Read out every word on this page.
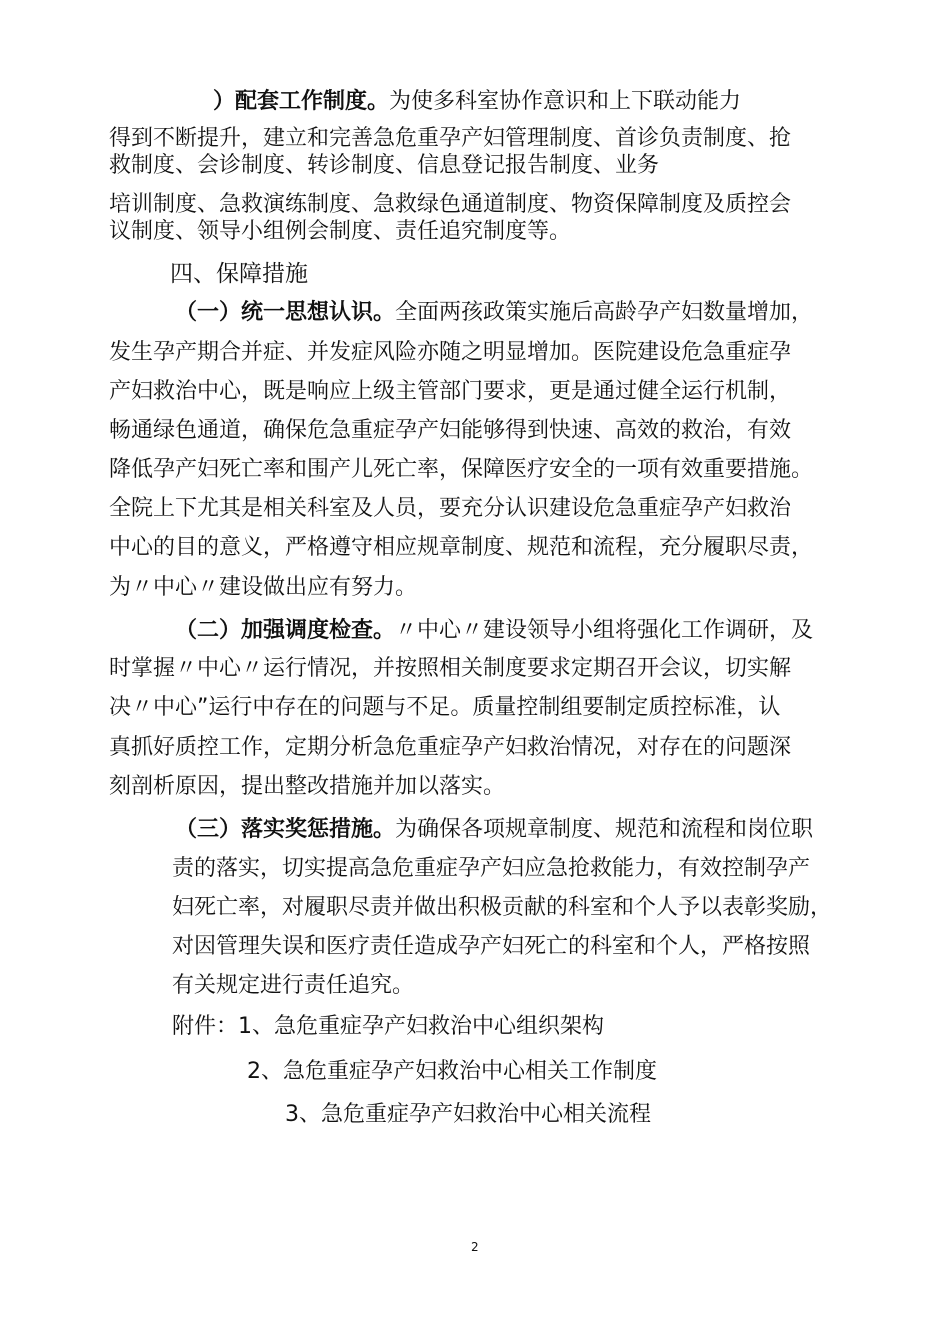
）配套工作制度。为使多科室协作意识和上下联动能力
得到不断提升，建立和完善急危重孕产妇管理制度、首诊负责制度、抢
救制度、会诊制度、转诊制度、信息登记报告制度、业务
培训制度、急救演练制度、急救绿色通道制度、物资保障制度及质控会
议制度、领导小组例会制度、责任追究制度等。
四、保障措施
（一）统一思想认识。全面两孩政策实施后高龄孕产妇数量增加，
发生孕产期合并症、并发症风险亦随之明显增加。医院建设危急重症孕
产妇救治中心，既是响应上级主管部门要求，更是通过健全运行机制，
畅通绿色通道，确保危急重症孕产妇能够得到快速、高效的救治，有效
降低孕产妇死亡率和围产儿死亡率，保障医疗安全的一项有效重要措施。
全院上下尤其是相关科室及人员，要充分认识建设危急重症孕产妇救治
中心的目的意义，严格遵守相应规章制度、规范和流程，充分履职尽责，
为〃中心〃建设做出应有努力。
（二）加强调度检查。〃中心〃建设领导小组将强化工作调研，及
时掌握〃中心〃运行情况，并按照相关制度要求定期召开会议，切实解
决〃中心”运行中存在的问题与不足。质量控制组要制定质控标准，认
真抓好质控工作，定期分析急危重症孕产妇救治情况，对存在的问题深
刻剖析原因，提出整改措施并加以落实。
（三）落实奖惩措施。为确保各项规章制度、规范和流程和岗位职
责的落实，切实提高急危重症孕产妇应急抢救能力，有效控制孕产
妇死亡率，对履职尽责并做出积极贡献的科室和个人予以表彰奖励，
对因管理失误和医疗责任造成孕产妇死亡的科室和个人，严格按照
有关规定进行责任追究。
附件：1、急危重症孕产妇救治中心组织架构
2、急危重症孕产妇救治中心相关工作制度
3、急危重症孕产妇救治中心相关流程
2
